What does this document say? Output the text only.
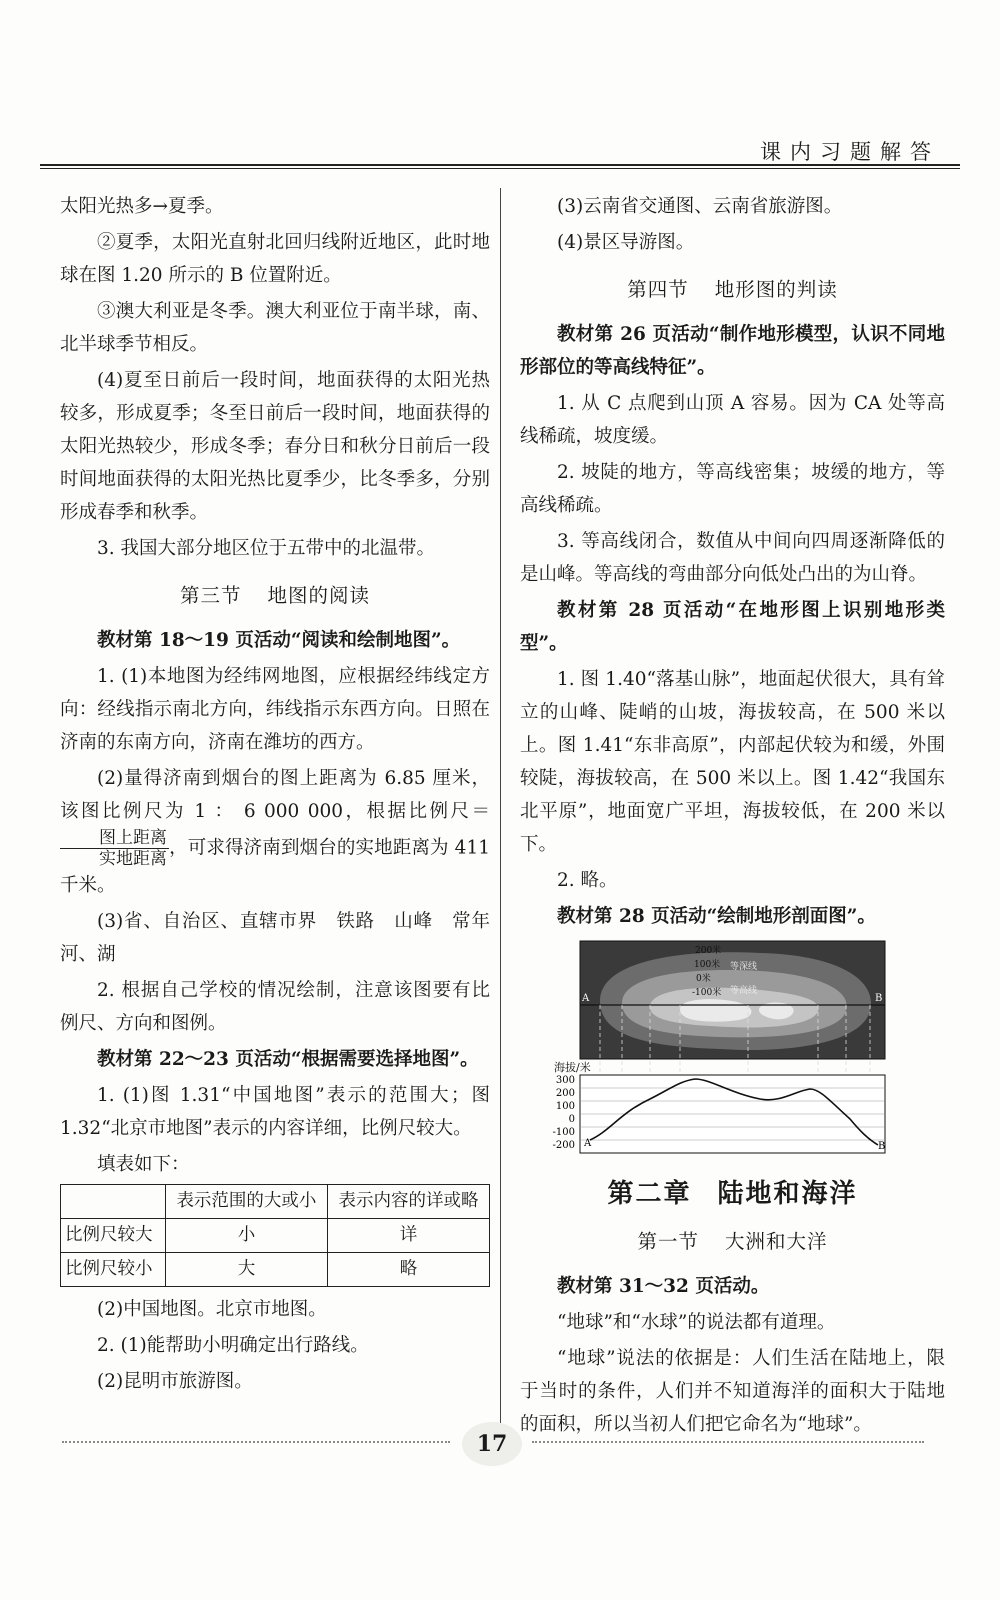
课内习题解答

太阳光热多→夏季。

②夏季，太阳光直射北回归线附近地区，此时地球在图 1.20 所示的 B 位置附近。

③澳大利亚是冬季。澳大利亚位于南半球，南、北半球季节相反。

(4)夏至日前后一段时间，地面获得的太阳光热较多，形成夏季；冬至日前后一段时间，地面获得的太阳光热较少，形成冬季；春分日和秋分日前后一段时间地面获得的太阳光热比夏季少，比冬季多，分别形成春季和秋季。

3. 我国大部分地区位于五带中的北温带。

第三节 地图的阅读

教材第 18～19 页活动“阅读和绘制地图”。

1. (1)本地图为经纬网地图，应根据经纬线定方向：经线指示南北方向，纬线指示东西方向。日照在济南的东南方向，济南在潍坊的西方。

(2)量得济南到烟台的图上距离为 6.85 厘米，该图比例尺为 1 ： 6 000 000，根据比例尺＝
$\frac{\text{图上距离}}{\text{实地距离}}$ ，可求得济南到烟台的实地距离为 411 千米。

(3)省、自治区、直辖市界　铁路　山峰　常年河、湖

2. 根据自己学校的情况绘制，注意该图要有比例尺、方向和图例。

教材第 22～23 页活动“根据需要选择地图”。

1. (1)图 1.31“中国地图”表示的范围大；图 1.32“北京市地图”表示的内容详细，比例尺较大。

填表如下：

	表示范围的大或小	表示内容的详或略
比例尺较大	小	详
比例尺较小	大	略

(2)中国地图。北京市地图。

2. (1)能帮助小明确定出行路线。

(2)昆明市旅游图。

(3)云南省交通图、云南省旅游图。

(4)景区导游图。

第四节 地形图的判读

教材第 26 页活动“制作地形模型，认识不同地形部位的等高线特征”。

1. 从 C 点爬到山顶 A 容易。因为 CA 处等高线稀疏，坡度缓。

2. 坡陡的地方，等高线密集；坡缓的地方，等高线稀疏。

3. 等高线闭合，数值从中间向四周逐渐降低的是山峰。等高线的弯曲部分向低处凸出的为山脊。

教材第 28 页活动“在地形图上识别地形类型”。

1. 图 1.40“落基山脉”，地面起伏很大，具有耸立的山峰、陡峭的山坡，海拔较高，在 500 米以上。图 1.41“东非高原”，内部起伏较为和缓，外围较陡，海拔较高，在 500 米以上。图 1.42“我国东北平原”，地面宽广平坦，海拔较低，在 200 米以下。

2. 略。

教材第 28 页活动“绘制地形剖面图”。

200米
100米
0米
-100米
等深线
等高线
A	B
海拔/米
300
200
100
0
-100
-200 A	B
第二章 陆地和海洋
第一节 大洲和大洋

教材第 31～32 页活动。

“地球”和“水球”的说法都有道理。

“地球”说法的依据是：人们生活在陆地上，限于当时的条件，人们并不知道海洋的面积大于陆地的面积，所以当初人们把它命名为“地球”。

17
